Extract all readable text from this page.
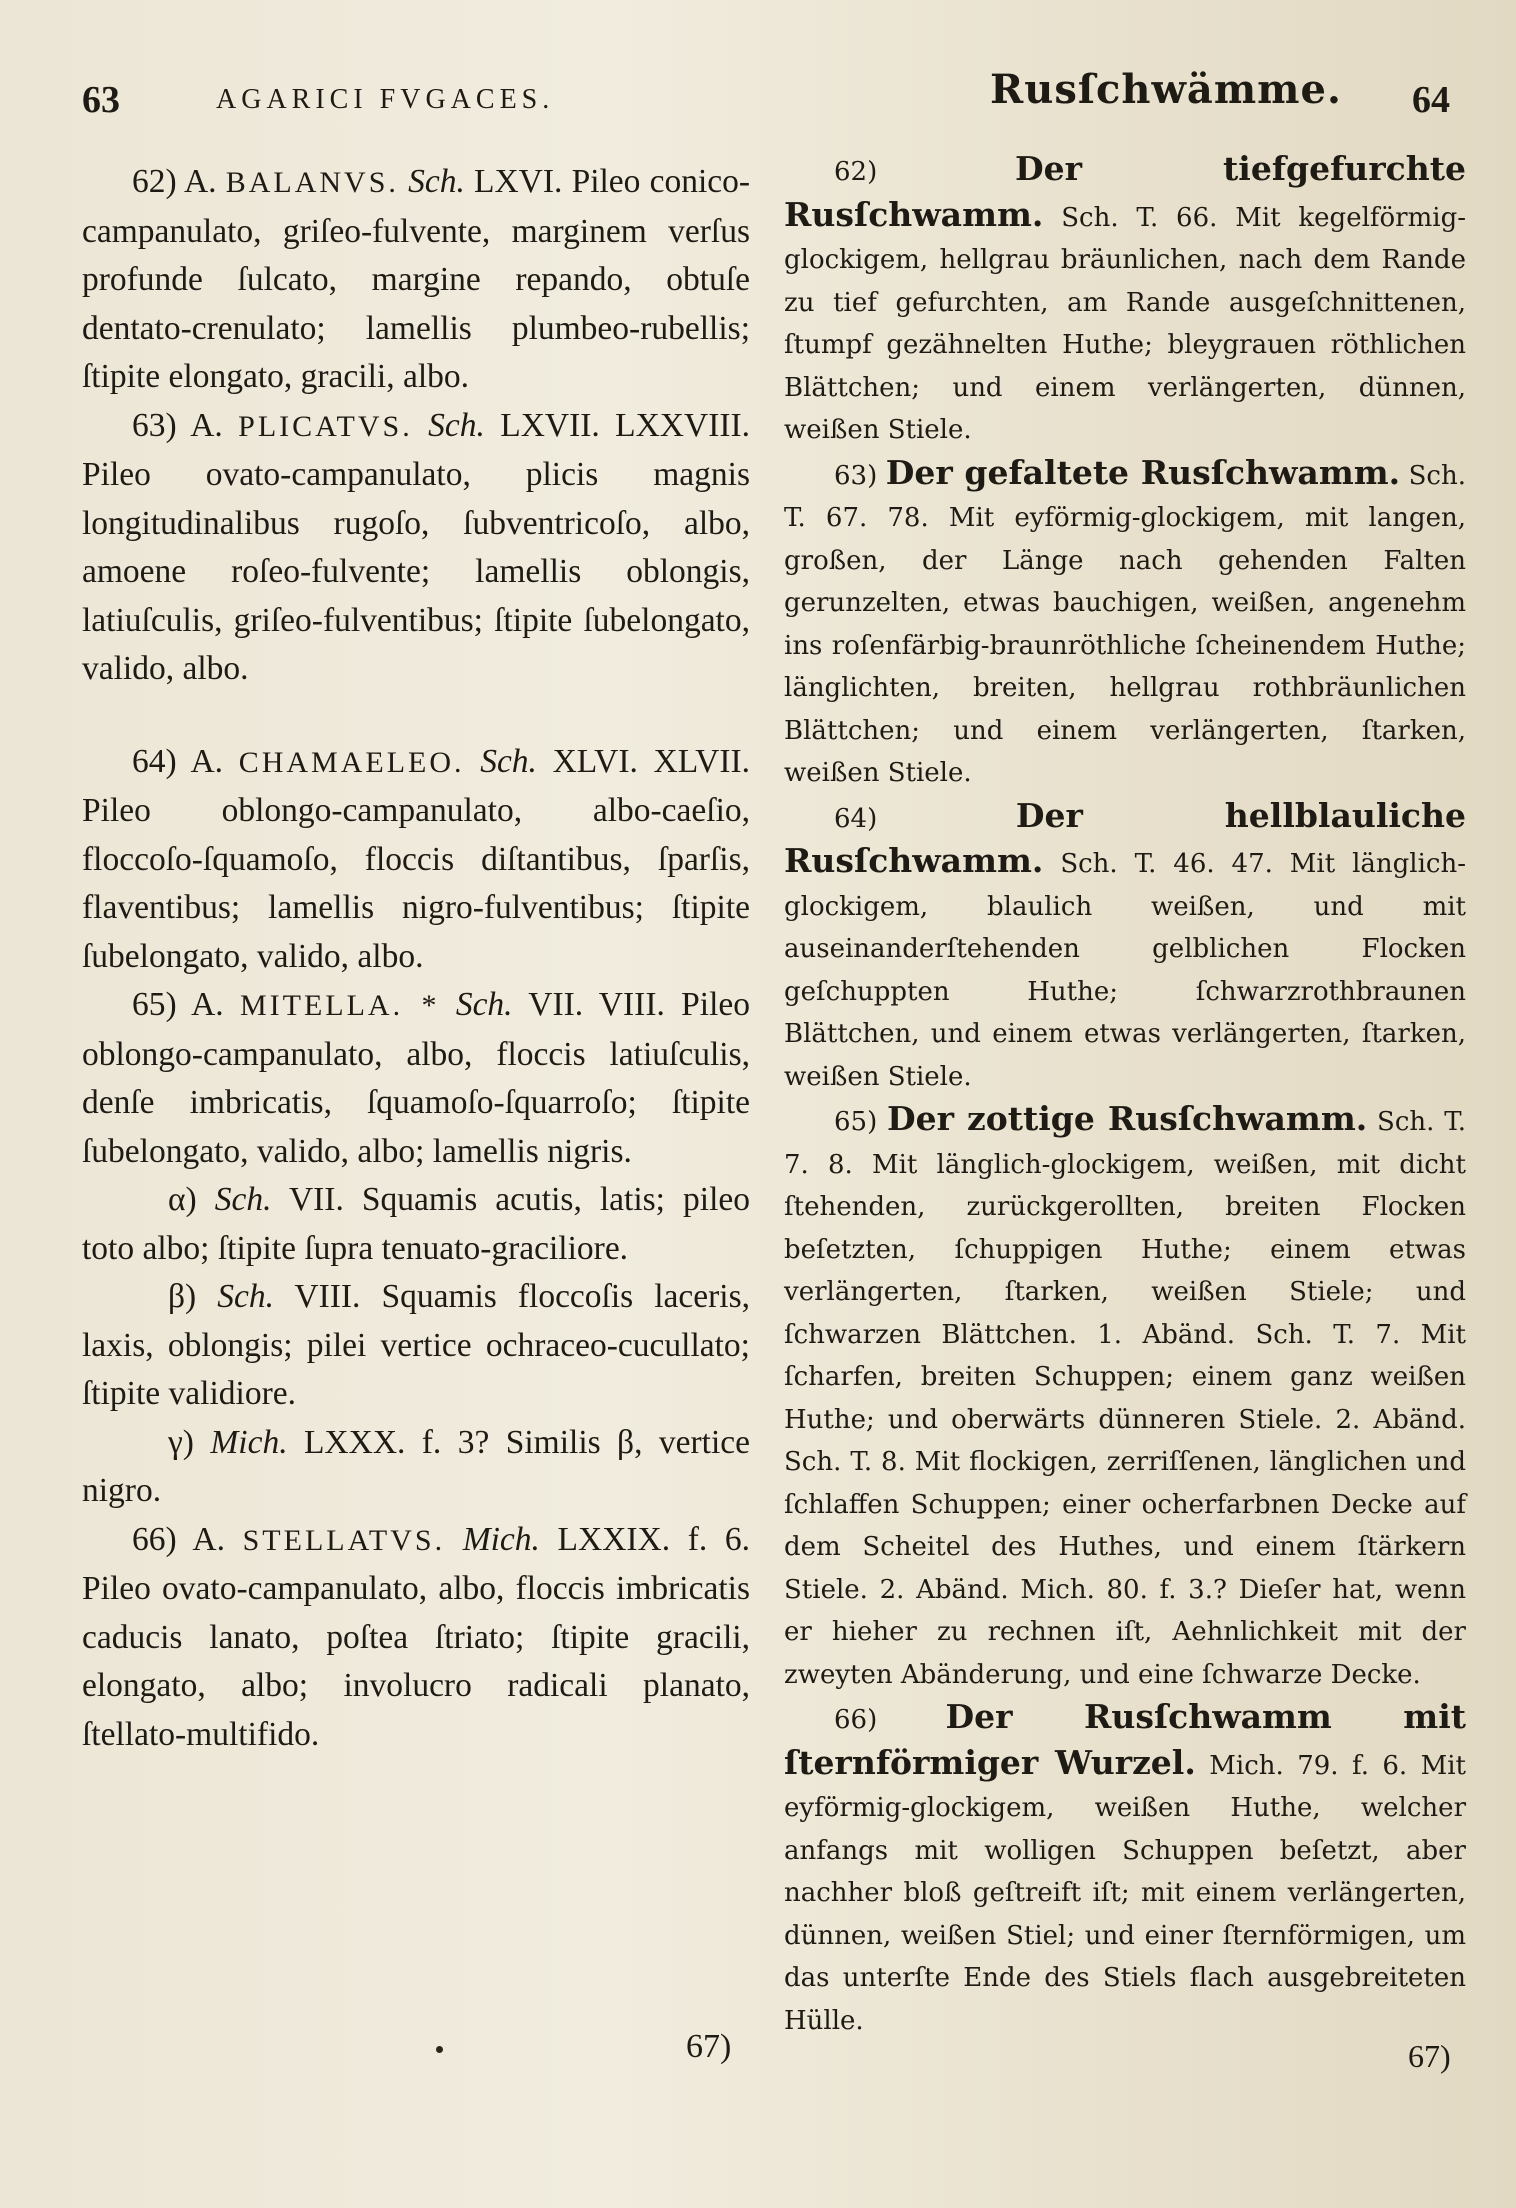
63	AGARICI FVGACES.	Rusſchwämme. 64

62) A. BALANVS. Sch. LXVI. Pileo conico-campanulato, griſeo-fulvente, marginem verſus profunde ſulcato, margine repando, obtuſe dentato-crenulato; lamellis plumbeo-rubellis; ſtipite elongato, gracili, albo.

63) A. PLICATVS. Sch. LXVII. LXXVIII. Pileo ovato-campanulato, plicis magnis longitudinalibus rugoſo, ſubventricoſo, albo, amoene roſeo-fulvente; lamellis oblongis, latiuſculis, griſeo-fulventibus; ſtipite ſubelongato, valido, albo.

64) A. CHAMAELEO. Sch. XLVI. XLVII. Pileo oblongo-campanulato, albo-caeſio, floccoſo-ſquamoſo, floccis diſtantibus, ſparſis, flaventibus; lamellis nigro-fulventibus; ſtipite ſubelongato, valido, albo.

65) A. MITELLA. * Sch. VII. VIII. Pileo oblongo-campanulato, albo, floccis latiuſculis, denſe imbricatis, ſquamoſo-ſquarroſo; ſtipite ſubelongato, valido, albo; lamellis nigris.

α) Sch. VII. Squamis acutis, latis; pileo toto albo; ſtipite ſupra tenuato-graciliore.

β) Sch. VIII. Squamis floccoſis laceris, laxis, oblongis; pilei vertice ochraceo-cucullato; ſtipite validiore.

γ) Mich. LXXX. f. 3? Similis β, vertice nigro.

66) A. STELLATVS. Mich. LXXIX. f. 6. Pileo ovato-campanulato, albo, floccis imbricatis caducis lanato, poſtea ſtriato; ſtipite gracili, elongato, albo; involucro radicali planato, ſtellato-multifido.

62)	Der tiefgefurchte Rusſchwamm. Sch. T. 66. Mit kegelförmig-glockigem, hellgrau bräunlichen, nach dem Rande zu tief gefurchten, am Rande ausgeſchnittenen, ſtumpf gezähnelten Huthe; bleygrauen röthlichen Blättchen; und einem verlängerten, dünnen, weißen Stiele.

63) Der gefaltete Rusſchwamm. Sch. T. 67. 78. Mit eyförmig-glockigem, mit langen, großen, der Länge nach gehenden Falten gerunzelten, etwas bauchigen, weißen, angenehm ins roſenfärbig-braunröthliche ſcheinendem Huthe; länglichten, breiten, hellgrau rothbräunlichen Blättchen; und einem verlängerten, ſtarken, weißen Stiele.

64)	Der hellblauliche Rusſchwamm. Sch. T. 46. 47. Mit länglich-glockigem, blaulich weißen, und mit auseinanderſtehenden gelblichen Flocken geſchuppten Huthe; ſchwarzrothbraunen Blättchen, und einem etwas verlängerten, ſtarken, weißen Stiele.

65) Der zottige Rusſchwamm. Sch. T. 7. 8. Mit länglich-glockigem, weißen, mit dicht ſtehenden, zurückgerollten, breiten Flocken beſetzten, ſchuppigen Huthe; einem etwas verlängerten, ſtarken, weißen Stiele; und ſchwarzen Blättchen. 1. Abänd. Sch. T. 7. Mit ſcharfen, breiten Schuppen; einem ganz weißen Huthe; und oberwärts dünneren Stiele. 2. Abänd. Sch. T. 8. Mit flockigen, zerriſſenen, länglichen und ſchlaffen Schuppen; einer ocherfarbnen Decke auf dem Scheitel des Huthes, und einem ſtärkern Stiele. 2. Abänd. Mich. 80. f. 3.? Dieſer hat, wenn er hieher zu rechnen iſt, Aehnlichkeit mit der zweyten Abänderung, und eine ſchwarze Decke.

66) Der Rusſchwamm mit ſternförmiger Wurzel. Mich. 79. f. 6. Mit eyförmig-glockigem, weißen Huthe, welcher anfangs mit wolligen Schuppen beſetzt, aber nachher bloß geſtreift iſt; mit einem verlängerten, dünnen, weißen Stiel; und einer ſternförmigen, um das unterſte Ende des Stiels flach ausgebreiteten Hülle.

67)	67)
